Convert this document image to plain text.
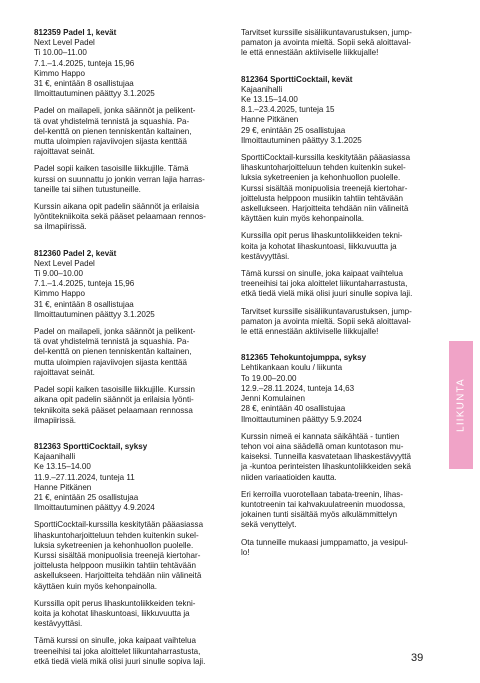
812359 Padel 1, kevät
Next Level Padel
Ti 10.00–11.00
7.1.–1.4.2025, tunteja 15,96
Kimmo Happo
31 €, enintään 8 osallistujaa
Ilmoittautuminen päättyy 3.1.2025

Padel on mailapeli, jonka säännöt ja pelikent-
tä ovat yhdistelmä tennistä ja squashia. Pa-
del-kenttä on pienen tenniskentän kaltainen,
mutta uloimpien rajaviivojen sijasta kenttää
rajoittavat seinät.

Padel sopii kaiken tasoisille liikkujille. Tämä
kurssi on suunnattu jo jonkin verran lajia harras-
taneille tai siihen tutustuneille.

Kurssin aikana opit padelin säännöt ja erilaisia
lyöntitekniikoita sekä pääset pelaamaan rennos-
sa ilmapiirissä.

812360 Padel 2, kevät
Next Level Padel
Ti 9.00–10.00
7.1.–1.4.2025, tunteja 15,96
Kimmo Happo
31 €, enintään 8 osallistujaa
Ilmoittautuminen päättyy 3.1.2025

Padel on mailapeli, jonka säännöt ja pelikent-
tä ovat yhdistelmä tennistä ja squashia. Pa-
del-kenttä on pienen tenniskentän kaltainen,
mutta uloimpien rajaviivojen sijasta kenttää
rajoittavat seinät.

Padel sopii kaiken tasoisille liikkujille. Kurssin
aikana opit padelin säännöt ja erilaisia lyönti-
tekniikoita sekä pääset pelaamaan rennossa
ilmapiirissä.

812363 SporttiCocktail, syksy
Kajaanihalli
Ke 13.15–14.00
11.9.–27.11.2024, tunteja 11
Hanne Pitkänen
21 €, enintään 25 osallistujaa
Ilmoittautuminen päättyy 4.9.2024

SporttiCocktail-kurssilla keskitytään pääasiassa
lihaskuntoharjoitteluun tehden kuitenkin sukel-
luksia syketreenien ja kehonhuollon puolelle.
Kurssi sisältää monipuolisia treenejä kiertohar-
joittelusta helppoon musiikin tahtiin tehtävään
askellukseen. Harjoitteita tehdään niin välineitä
käyttäen kuin myös kehonpainolla.

Kurssilla opit perus lihaskuntoliikkeiden tekni-
koita ja kohotat lihaskuntoasi, liikkuvuutta ja
kestävyyttäsi.

Tämä kurssi on sinulle, joka kaipaat vaihtelua
treeneihisi tai joka aloittelet liikuntaharrastusta,
etkä tiedä vielä mikä olisi juuri sinulle sopiva laji.

Tarvitset kurssille sisäliikuntavarustuksen, jump-
pamaton ja avointa mieltä. Sopii sekä aloittaval-
le että ennestään aktiiviselle liikkujalle!

812364 SporttiCocktail, kevät
Kajaanihalli
Ke 13.15–14.00
8.1.–23.4.2025, tunteja 15
Hanne Pitkänen
29 €, enintään 25 osallistujaa
Ilmoittautuminen päättyy 3.1.2025

SporttiCocktail-kurssilla keskitytään pääasiassa
lihaskuntoharjoitteluun tehden kuitenkin sukel-
luksia syketreenien ja kehonhuollon puolelle.
Kurssi sisältää monipuolisia treenejä kiertohar-
joittelusta helppoon musiikin tahtiin tehtävään
askellukseen. Harjoitteita tehdään niin välineitä
käyttäen kuin myös kehonpainolla.

Kurssilla opit perus lihaskuntoliikkeiden tekni-
koita ja kohotat lihaskuntoasi, liikkuvuutta ja
kestävyyttäsi.

Tämä kurssi on sinulle, joka kaipaat vaihtelua
treeneihisi tai joka aloittelet liikuntaharrastusta,
etkä tiedä vielä mikä olisi juuri sinulle sopiva laji.

Tarvitset kurssille sisäliikuntavarustuksen, jump-
pamaton ja avointa mieltä. Sopii sekä aloittaval-
le että ennestään aktiiviselle liikkujalle!

812365 Tehokuntojumppa, syksy
Lehtikankaan koulu / liikunta
To 19.00–20.00
12.9.–28.11.2024, tunteja 14,63
Jenni Komulainen
28 €, enintään 40 osallistujaa
Ilmoittautuminen päättyy 5.9.2024

Kurssin nimeä ei kannata säikähtää - tuntien
tehon voi aina säädellä oman kuntotason mu-
kaiseksi. Tunneilla kasvatetaan lihaskestävyyttä
ja -kuntoa perinteisten lihaskuntoliikkeiden sekä
niiden variaatioiden kautta.

Eri kerroilla vuorotellaan tabata-treenin, lihas-
kuntotreenin tai kahvakuulatreenin muodossa,
jokainen tunti sisältää myös alkulämmittelyn
sekä venyttelyt.

Ota tunneille mukaasi jumppamatto, ja vesipul-
lo!

LIIKUNTA
39
